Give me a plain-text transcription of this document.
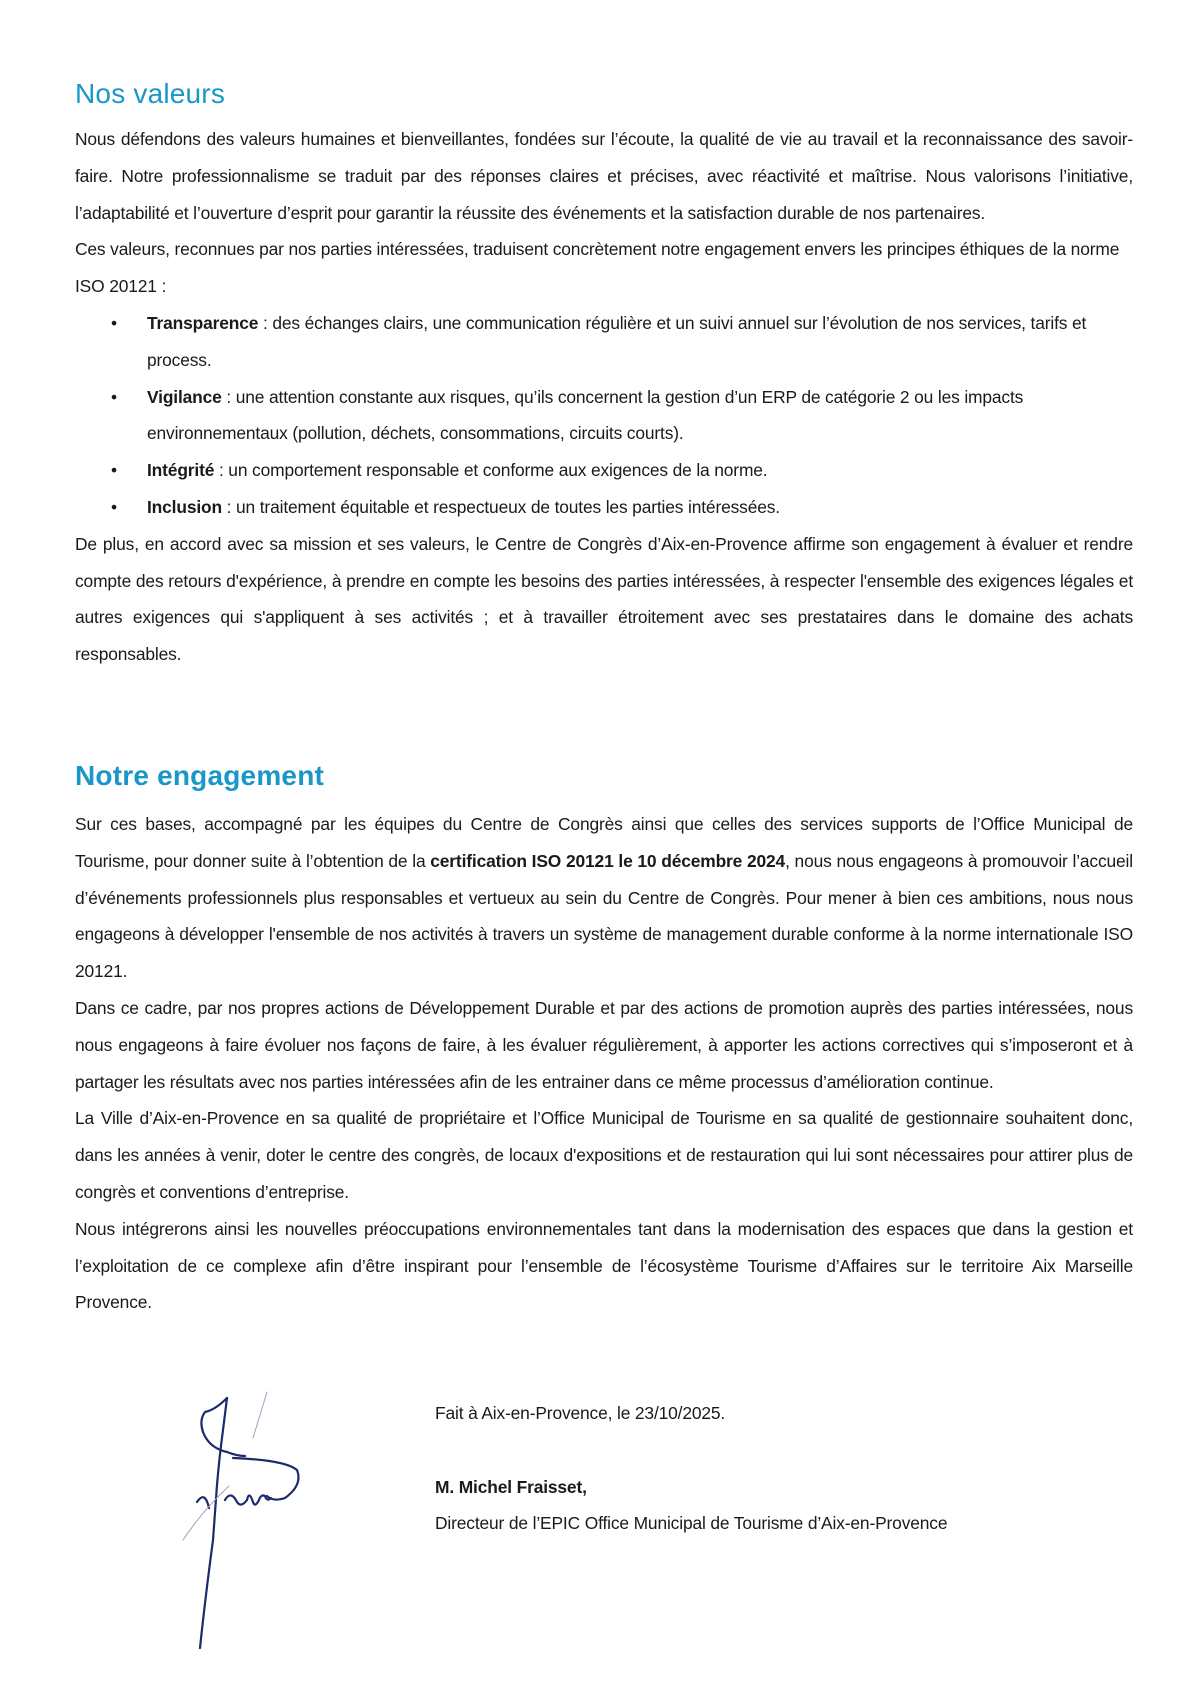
Nos valeurs

Nous défendons des valeurs humaines et bienveillantes, fondées sur l’écoute, la qualité de vie au travail et la reconnaissance des savoir-faire. Notre professionnalisme se traduit par des réponses claires et précises, avec réactivité et maîtrise. Nous valorisons l’initiative, l’adaptabilité et l’ouverture d’esprit pour garantir la réussite des événements et la satisfaction durable de nos partenaires.

Ces valeurs, reconnues par nos parties intéressées, traduisent concrètement notre engagement envers les principes éthiques de la norme ISO 20121 :

• Transparence : des échanges clairs, une communication régulière et un suivi annuel sur l’évolution de nos services, tarifs et process.
• Vigilance : une attention constante aux risques, qu’ils concernent la gestion d’un ERP de catégorie 2 ou les impacts environnementaux (pollution, déchets, consommations, circuits courts).
• Intégrité : un comportement responsable et conforme aux exigences de la norme.
• Inclusion : un traitement équitable et respectueux de toutes les parties intéressées.

De plus, en accord avec sa mission et ses valeurs, le Centre de Congrès d’Aix-en-Provence affirme son engagement à évaluer et rendre compte des retours d'expérience, à prendre en compte les besoins des parties intéressées, à respecter l'ensemble des exigences légales et autres exigences qui s'appliquent à ses activités ; et à travailler étroitement avec ses prestataires dans le domaine des achats responsables.

Notre engagement

Sur ces bases, accompagné par les équipes du Centre de Congrès ainsi que celles des services supports de l’Office Municipal de Tourisme, pour donner suite à l’obtention de la certification ISO 20121 le 10 décembre 2024, nous nous engageons à promouvoir l’accueil d’événements professionnels plus responsables et vertueux au sein du Centre de Congrès. Pour mener à bien ces ambitions, nous nous engageons à développer l'ensemble de nos activités à travers un système de management durable conforme à la norme internationale ISO 20121.

Dans ce cadre, par nos propres actions de Développement Durable et par des actions de promotion auprès des parties intéressées, nous nous engageons à faire évoluer nos façons de faire, à les évaluer régulièrement, à apporter les actions correctives qui s’imposeront et à partager les résultats avec nos parties intéressées afin de les entrainer dans ce même processus d’amélioration continue.

La Ville d’Aix-en-Provence en sa qualité de propriétaire et l’Office Municipal de Tourisme en sa qualité de gestionnaire souhaitent donc, dans les années à venir, doter le centre des congrès, de locaux d'expositions et de restauration qui lui sont nécessaires pour attirer plus de congrès et conventions d’entreprise.

Nous intégrerons ainsi les nouvelles préoccupations environnementales tant dans la modernisation des espaces que dans la gestion et l’exploitation de ce complexe afin d’être inspirant pour l’ensemble de l’écosystème Tourisme d’Affaires sur le territoire Aix Marseille Provence.

Fait à Aix-en-Provence, le 23/10/2025.

M. Michel Fraisset,

Directeur de l’EPIC Office Municipal de Tourisme d’Aix-en-Provence
